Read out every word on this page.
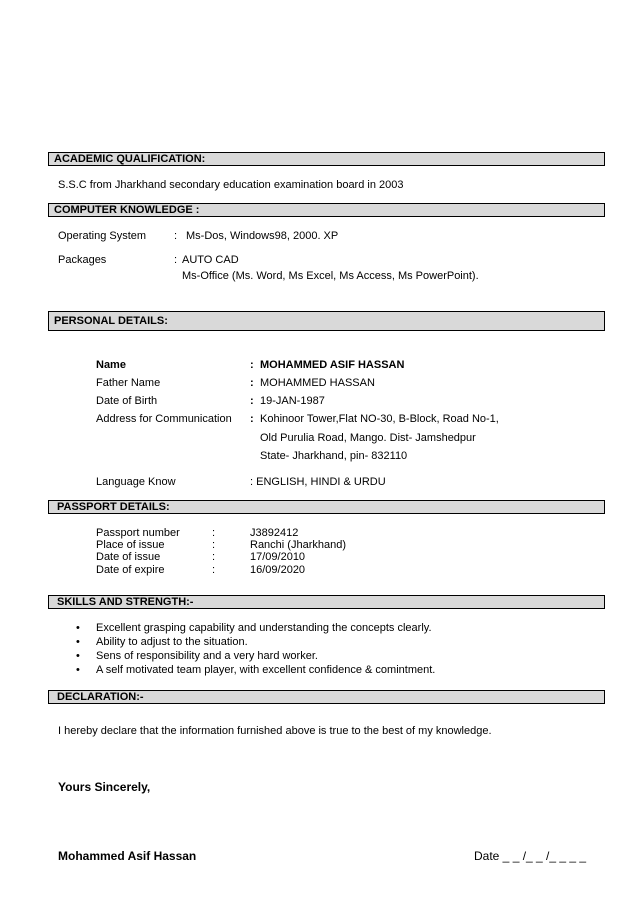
ACADEMIC QUALIFICATION:
S.S.C from Jharkhand secondary education examination board in 2003
COMPUTER KNOWLEDGE :
Operating System	: Ms-Dos, Windows98, 2000. XP
Packages	: AUTO CAD
Ms-Office (Ms. Word, Ms Excel, Ms Access, Ms PowerPoint).
PERSONAL DETAILS:
Name	: MOHAMMED ASIF HASSAN
Father Name	: MOHAMMED HASSAN
Date of Birth	: 19-JAN-1987
Address for Communication : Kohinoor Tower,Flat NO-30, B-Block, Road No-1,
Old Purulia Road, Mango. Dist- Jamshedpur
State- Jharkhand, pin- 832110
Language Know	: ENGLISH, HINDI & URDU
PASSPORT DETAILS:
Passport number	:	J3892412
Place of issue	:	Ranchi (Jharkhand)
Date of issue	:	17/09/2010
Date of expire	:	16/09/2020
SKILLS AND STRENGTH:-
• Excellent grasping capability and understanding the concepts clearly.
• Ability to adjust to the situation.
• Sens of responsibility and a very hard worker.
• A self motivated team player, with excellent confidence & comintment.
DECLARATION:-
I hereby declare that the information furnished above is true to the best of my knowledge.
Yours Sincerely,
Mohammed Asif Hassan	Date _ _ /_ _ /_ _ _ _
